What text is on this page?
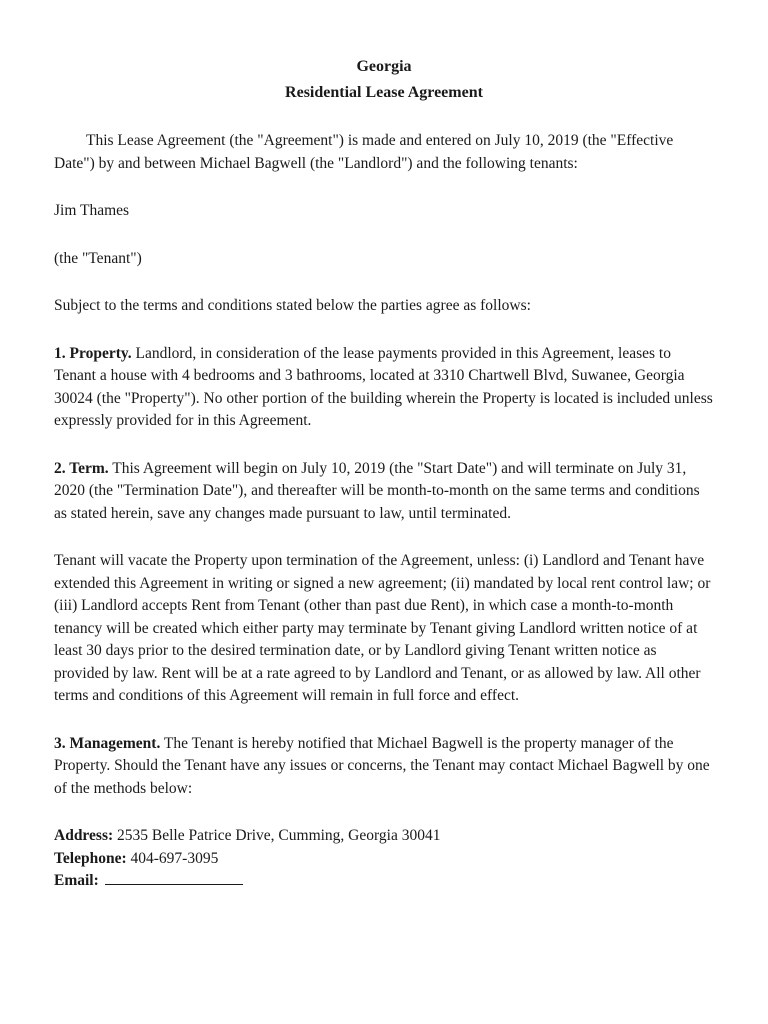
Georgia
Residential Lease Agreement

This Lease Agreement (the "Agreement") is made and entered on July 10, 2019 (the "Effective Date") by and between Michael Bagwell (the "Landlord") and the following tenants:

Jim Thames

(the "Tenant")

Subject to the terms and conditions stated below the parties agree as follows:

1. Property. Landlord, in consideration of the lease payments provided in this Agreement, leases to Tenant a house with 4 bedrooms and 3 bathrooms, located at 3310 Chartwell Blvd, Suwanee, Georgia 30024 (the "Property"). No other portion of the building wherein the Property is located is included unless expressly provided for in this Agreement.

2. Term. This Agreement will begin on July 10, 2019 (the "Start Date") and will terminate on July 31, 2020 (the "Termination Date"), and thereafter will be month-to-month on the same terms and conditions as stated herein, save any changes made pursuant to law, until terminated.

Tenant will vacate the Property upon termination of the Agreement, unless: (i) Landlord and Tenant have extended this Agreement in writing or signed a new agreement; (ii) mandated by local rent control law; or (iii) Landlord accepts Rent from Tenant (other than past due Rent), in which case a month-to-month tenancy will be created which either party may terminate by Tenant giving Landlord written notice of at least 30 days prior to the desired termination date, or by Landlord giving Tenant written notice as provided by law. Rent will be at a rate agreed to by Landlord and Tenant, or as allowed by law. All other terms and conditions of this Agreement will remain in full force and effect.

3. Management. The Tenant is hereby notified that Michael Bagwell is the property manager of the Property. Should the Tenant have any issues or concerns, the Tenant may contact Michael Bagwell by one of the methods below:

Address: 2535 Belle Patrice Drive, Cumming, Georgia 30041
Telephone: 404-697-3095
Email:
